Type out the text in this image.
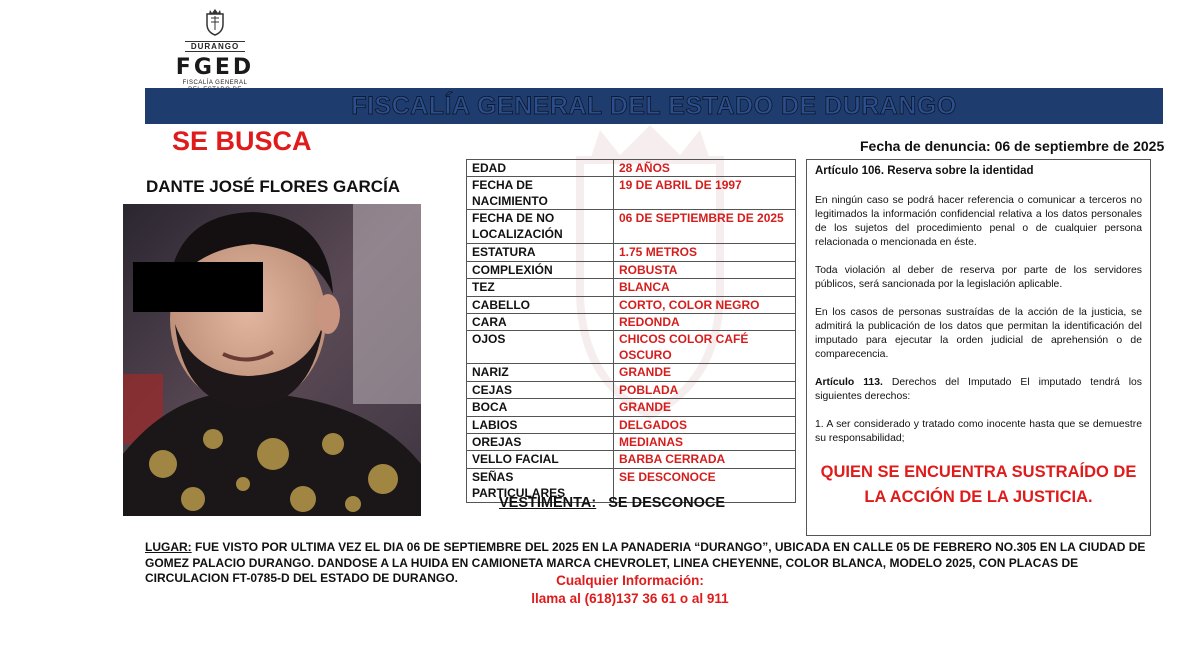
DURANGO
FGED
FISCALÍA GENERAL
FISCALÍA GENERAL DEL ESTADO DE DURANGO
SE BUSCA	Fecha de denuncia: 06 de septiembre de 2025
DANTE JOSÉ FLORES GARCÍA
EDAD	28 AÑOS
FECHA DE NACIMIENTO	19 DE ABRIL DE 1997
FECHA DE NO LOCALIZACIÓN	06 DE SEPTIEMBRE DE 2025
ESTATURA	1.75 METROS
COMPLEXIÓN	ROBUSTA
TEZ	BLANCA
CABELLO	CORTO, COLOR NEGRO
CARA	REDONDA
OJOS	CHICOS COLOR CAFÉ OSCURO
NARIZ	GRANDE
CEJAS	POBLADA
BOCA	GRANDE
LABIOS	DELGADOS
OREJAS	MEDIANAS
VELLO FACIAL	BARBA CERRADA
SEÑAS PARTICULARES	SE DESCONOCE
VESTIMENTA: SE DESCONOCE
Artículo 106. Reserva sobre la identidad

En ningún caso se podrá hacer referencia o comunicar a terceros no legitimados la información confidencial relativa a los datos personales de los sujetos del procedimiento penal o de cualquier persona relacionada o mencionada en éste.

Toda violación al deber de reserva por parte de los servidores públicos, será sancionada por la legislación aplicable.

En los casos de personas sustraídas de la acción de la justicia, se admitirá la publicación de los datos que permitan la identificación del imputado para ejecutar la orden judicial de aprehensión o de comparecencia.

Artículo 113. Derechos del Imputado El imputado tendrá los siguientes derechos:

1. A ser considerado y tratado como inocente hasta que se demuestre su responsabilidad;

QUIEN SE ENCUENTRA SUSTRAÍDO DE LA ACCIÓN DE LA JUSTICIA.
LUGAR: FUE VISTO POR ULTIMA VEZ EL DIA 06 DE SEPTIEMBRE DEL 2025 EN LA PANADERIA “DURANGO”, UBICADA EN CALLE 05 DE FEBRERO NO.305 EN LA CIUDAD DE GOMEZ PALACIO DURANGO. DANDOSE A LA HUIDA EN CAMIONETA MARCA CHEVROLET, LINEA CHEYENNE, COLOR BLANCA, MODELO 2025, CON PLACAS DE CIRCULACION FT-0785-D DEL ESTADO DE DURANGO.	Cualquier Información:
llama al (618)137 36 61 o al 911
